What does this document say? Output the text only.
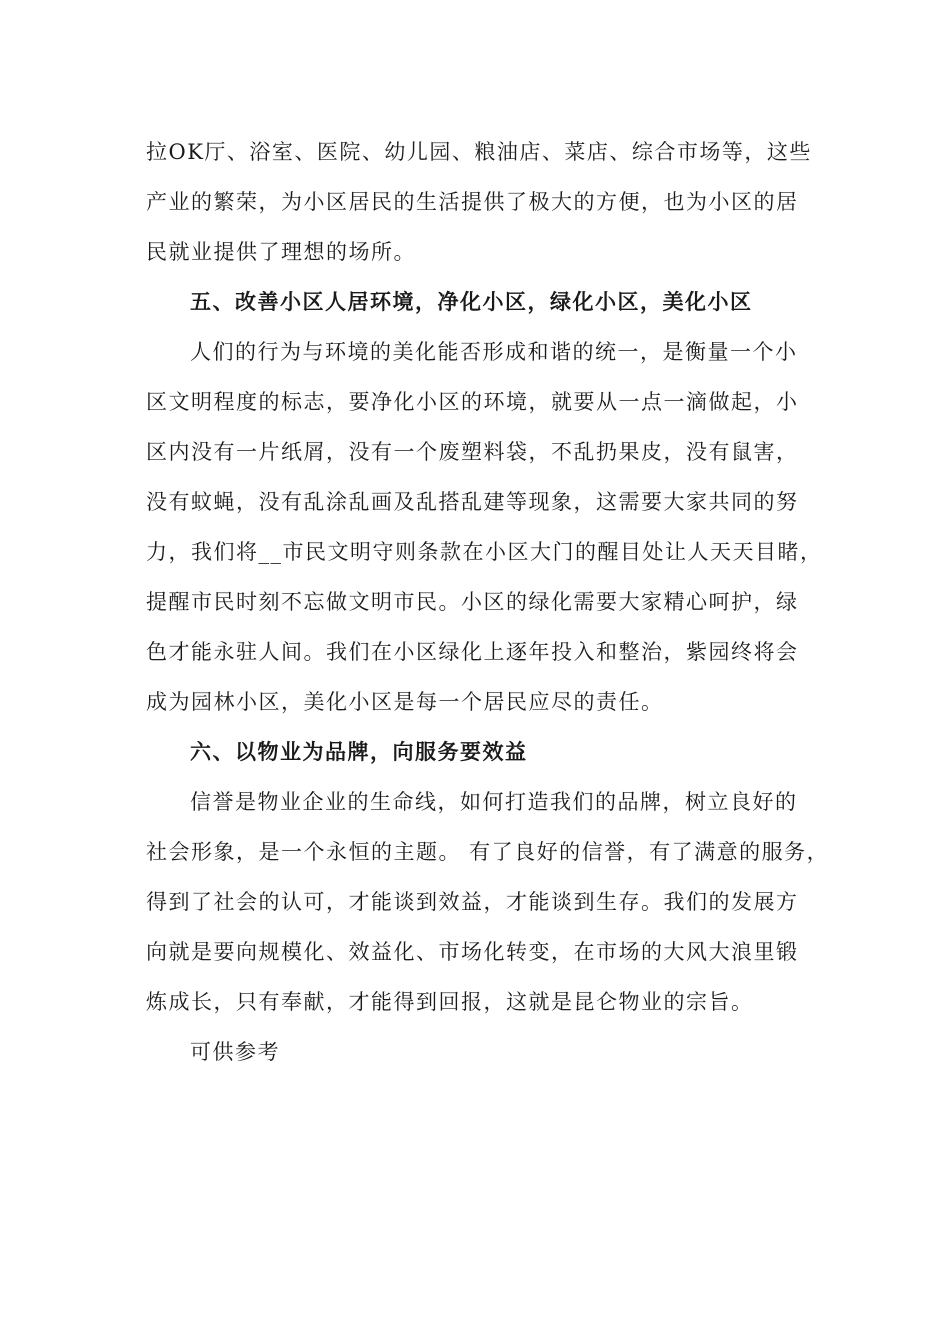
拉OK厅、浴室、医院、幼儿园、粮油店、菜店、综合市场等，这些
产业的繁荣，为小区居民的生活提供了极大的方便，也为小区的居
民就业提供了理想的场所。
五、改善小区人居环境，净化小区，绿化小区，美化小区
人们的行为与环境的美化能否形成和谐的统一，是衡量一个小
区文明程度的标志，要净化小区的环境，就要从一点一滴做起，小
区内没有一片纸屑，没有一个废塑料袋，不乱扔果皮，没有鼠害，
没有蚊蝇，没有乱涂乱画及乱搭乱建等现象，这需要大家共同的努
力，我们将__市民文明守则条款在小区大门的醒目处让人天天目睹，
提醒市民时刻不忘做文明市民。小区的绿化需要大家精心呵护，绿
色才能永驻人间。我们在小区绿化上逐年投入和整治，紫园终将会
成为园林小区，美化小区是每一个居民应尽的责任。
六、以物业为品牌，向服务要效益
信誉是物业企业的生命线，如何打造我们的品牌，树立良好的
社会形象，是一个永恒的主题。 有了良好的信誉，有了满意的服务，
得到了社会的认可，才能谈到效益，才能谈到生存。我们的发展方
向就是要向规模化、效益化、市场化转变，在市场的大风大浪里锻
炼成长，只有奉献，才能得到回报，这就是昆仑物业的宗旨。
可供参考
